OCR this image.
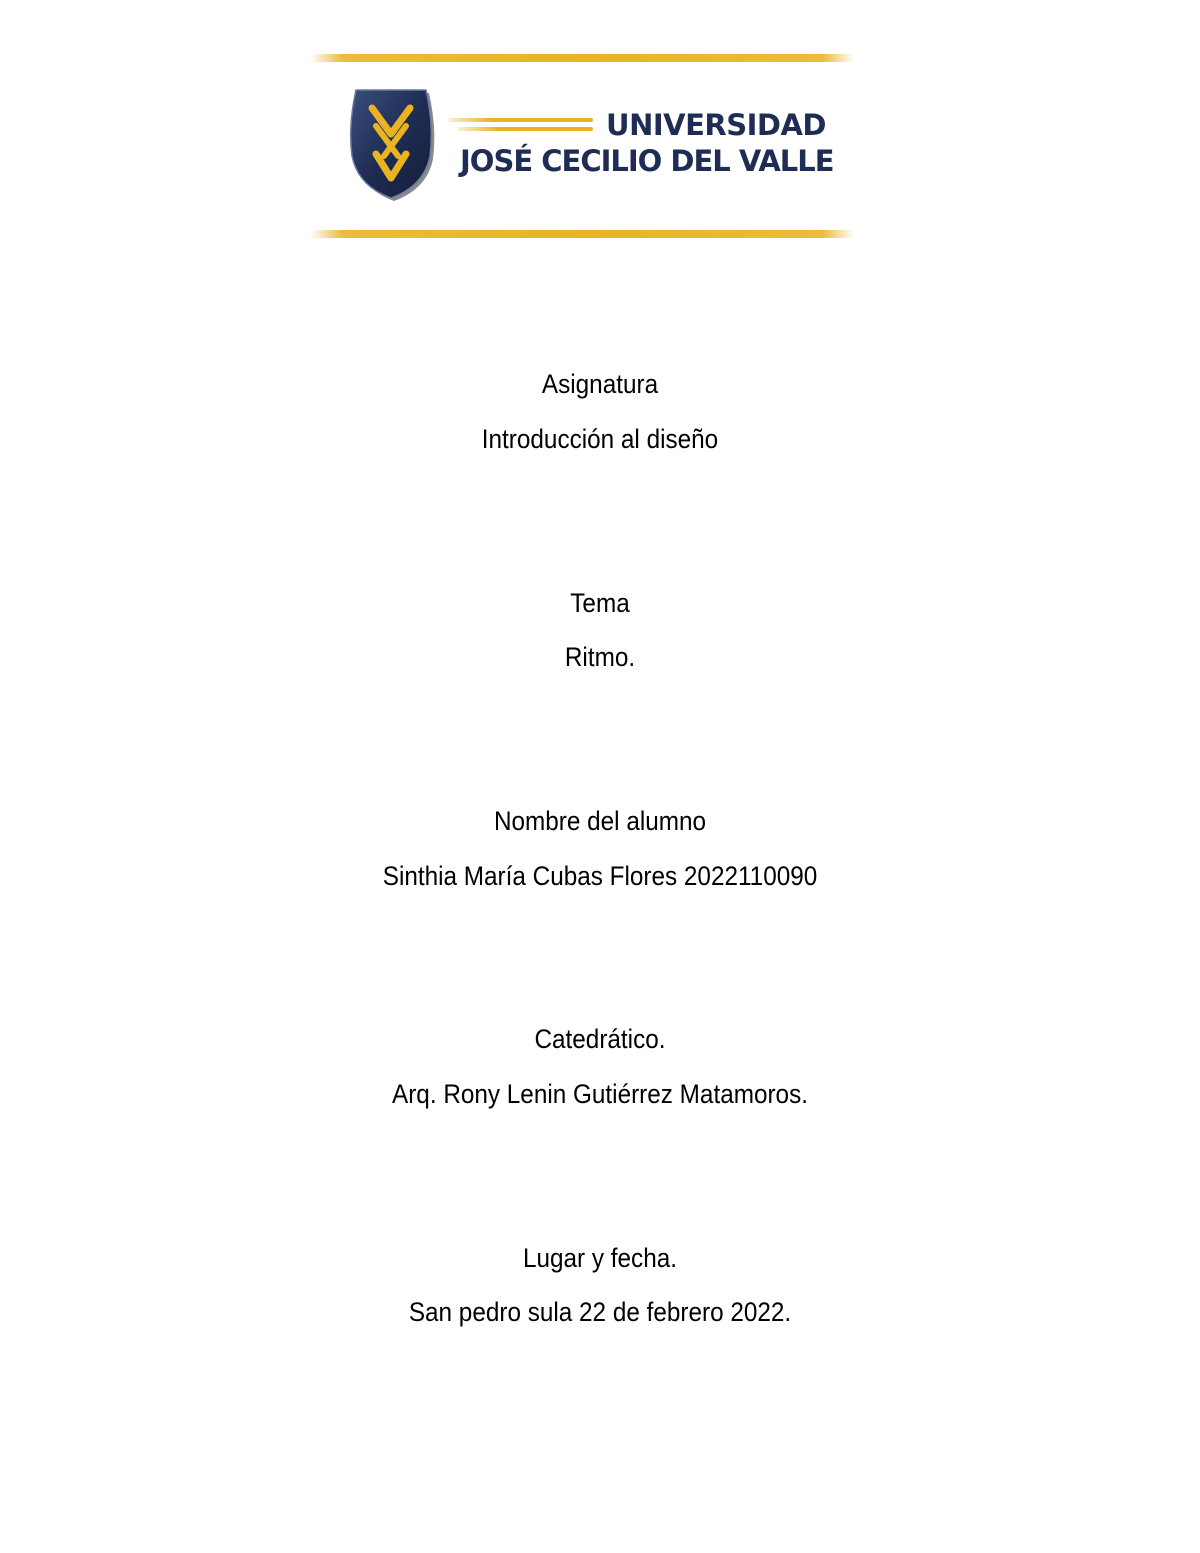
UNIVERSIDAD
JOSÉ CECILIO DEL VALLE
Asignatura
Introducción al diseño
Tema
Ritmo.
Nombre del alumno
Sinthia María Cubas Flores 2022110090
Catedrático.
Arq. Rony Lenin Gutiérrez Matamoros.
Lugar y fecha.
San pedro sula 22 de febrero 2022.
